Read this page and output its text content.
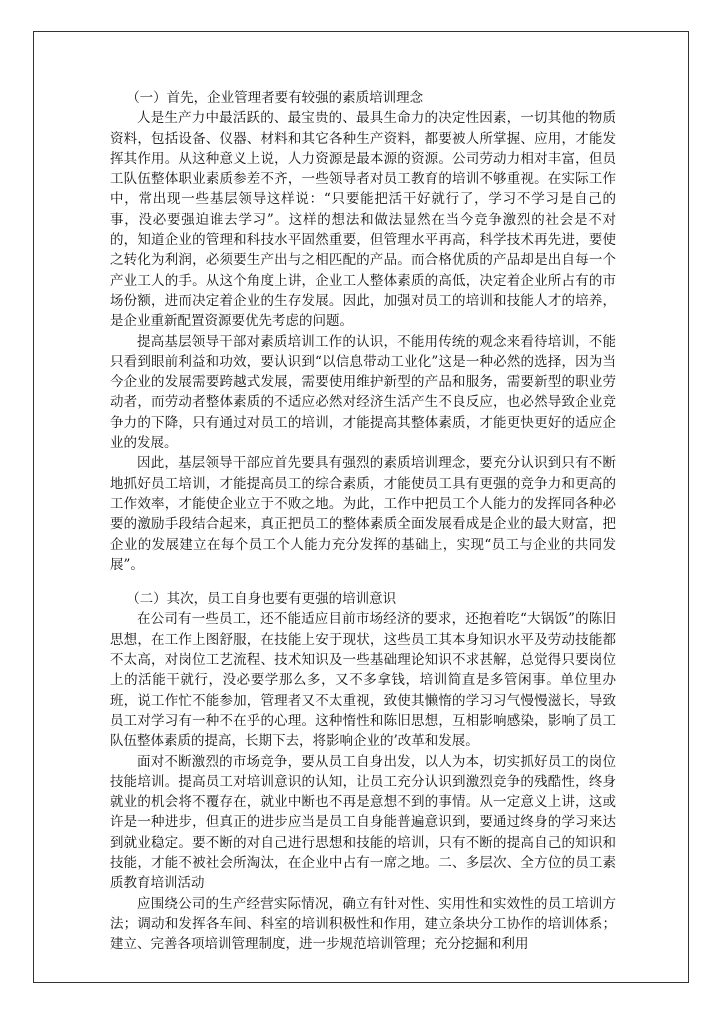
（一）首先，企业管理者要有较强的素质培训理念

人是生产力中最活跃的、最宝贵的、最具生命力的决定性因素，一切其他的物质资料，包括设备、仪器、材料和其它各种生产资料，都要被人所掌握、应用，才能发挥其作用。从这种意义上说，人力资源是最本源的资源。公司劳动力相对丰富，但员工队伍整体职业素质参差不齐，一些领导者对员工教育的培训不够重视。在实际工作中，常出现一些基层领导这样说：“只要能把活干好就行了，学习不学习是自己的事，没必要强迫谁去学习”。这样的想法和做法显然在当今竞争激烈的社会是不对的，知道企业的管理和科技水平固然重要，但管理水平再高，科学技术再先进，要使之转化为利润，必须要生产出与之相匹配的产品。而合格优质的产品却是出自每一个产业工人的手。从这个角度上讲，企业工人整体素质的高低，决定着企业所占有的市场份额，进而决定着企业的生存发展。因此，加强对员工的培训和技能人才的培养，是企业重新配置资源要优先考虑的问题。

提高基层领导干部对素质培训工作的认识，不能用传统的观念来看待培训，不能只看到眼前利益和功效，要认识到“以信息带动工业化”这是一种必然的选择，因为当今企业的发展需要跨越式发展，需要使用维护新型的产品和服务，需要新型的职业劳动者，而劳动者整体素质的不适应必然对经济生活产生不良反应，也必然导致企业竞争力的下降，只有通过对员工的培训，才能提高其整体素质，才能更快更好的适应企业的发展。

因此，基层领导干部应首先要具有强烈的素质培训理念，要充分认识到只有不断地抓好员工培训，才能提高员工的综合素质，才能使员工具有更强的竞争力和更高的工作效率，才能使企业立于不败之地。为此，工作中把员工个人能力的发挥同各种必要的激励手段结合起来，真正把员工的整体素质全面发展看成是企业的最大财富，把企业的发展建立在每个员工个人能力充分发挥的基础上，实现“员工与企业的共同发展”。

（二）其次，员工自身也要有更强的培训意识

在公司有一些员工，还不能适应目前市场经济的要求，还抱着吃“大锅饭”的陈旧思想，在工作上图舒服，在技能上安于现状，这些员工其本身知识水平及劳动技能都不太高，对岗位工艺流程、技术知识及一些基础理论知识不求甚解，总觉得只要岗位上的活能干就行，没必要学那么多，又不多拿钱，培训简直是多管闲事。单位里办班，说工作忙不能参加，管理者又不太重视，致使其懒惰的学习习气慢慢滋长，导致员工对学习有一种不在乎的心理。这种惰性和陈旧思想，互相影响感染，影响了员工队伍整体素质的提高，长期下去，将影响企业的’改革和发展。

面对不断激烈的市场竞争，要从员工自身出发，以人为本，切实抓好员工的岗位技能培训。提高员工对培训意识的认知，让员工充分认识到激烈竞争的残酷性，终身就业的机会将不覆存在，就业中断也不再是意想不到的事情。从一定意义上讲，这或许是一种进步，但真正的进步应当是员工自身能普遍意识到，要通过终身的学习来达到就业稳定。要不断的对自己进行思想和技能的培训，只有不断的提高自己的知识和技能，才能不被社会所淘汰，在企业中占有一席之地。二、多层次、全方位的员工素质教育培训活动

应围绕公司的生产经营实际情况，确立有针对性、实用性和实效性的员工培训方法；调动和发挥各车间、科室的培训积极性和作用，建立条块分工协作的培训体系；建立、完善各项培训管理制度，进一步规范培训管理；充分挖掘和利用
